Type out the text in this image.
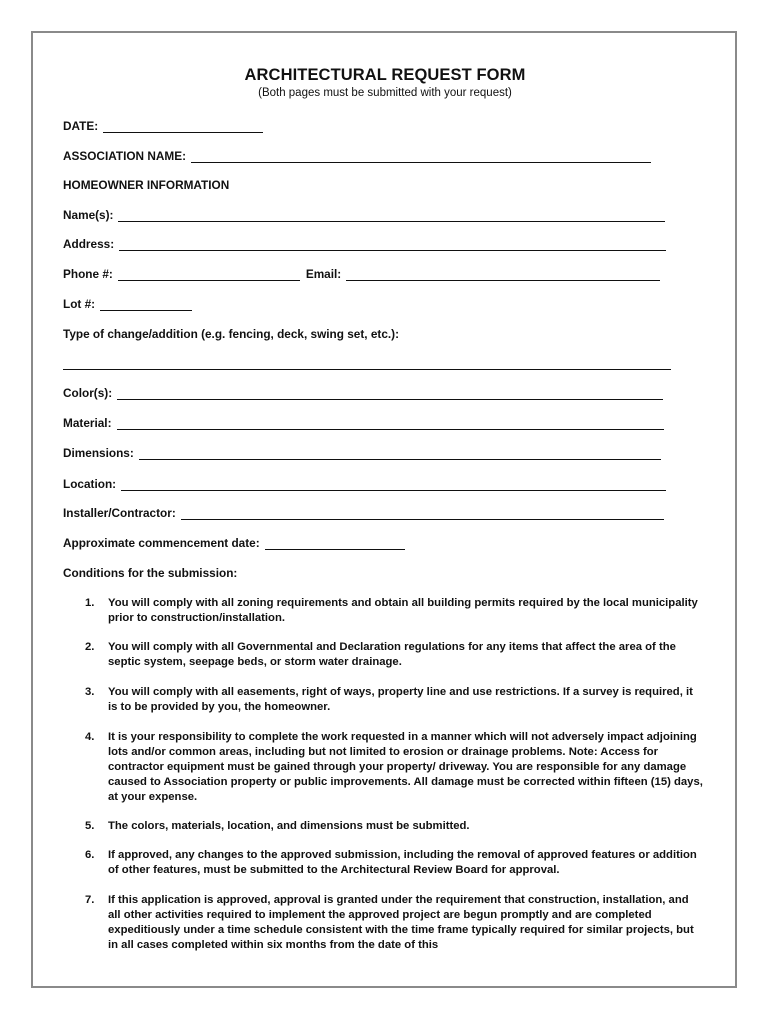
ARCHITECTURAL REQUEST FORM
(Both pages must be submitted with your request)
DATE:
ASSOCIATION NAME:
HOMEOWNER INFORMATION
Name(s):
Address:
Phone #:	Email:
Lot #:
Type of change/addition (e.g. fencing, deck, swing set, etc.):
Color(s):
Material:
Dimensions:
Location:
Installer/Contractor:
Approximate commencement date:
Conditions for the submission:
1. You will comply with all zoning requirements and obtain all building permits required by the local municipality prior to construction/installation.
2. You will comply with all Governmental and Declaration regulations for any items that affect the area of the septic system, seepage beds, or storm water drainage.
3. You will comply with all easements, right of ways, property line and use restrictions. If a survey is required, it is to be provided by you, the homeowner.
4. It is your responsibility to complete the work requested in a manner which will not adversely impact adjoining lots and/or common areas, including but not limited to erosion or drainage problems. Note: Access for contractor equipment must be gained through your property/ driveway. You are responsible for any damage caused to Association property or public improvements. All damage must be corrected within fifteen (15) days, at your expense.
5. The colors, materials, location, and dimensions must be submitted.
6. If approved, any changes to the approved submission, including the removal of approved features or addition of other features, must be submitted to the Architectural Review Board for approval.
7. If this application is approved, approval is granted under the requirement that construction, installation, and all other activities required to implement the approved project are begun promptly and are completed expeditiously under a time schedule consistent with the time frame typically required for similar projects, but in all cases completed within six months from the date of this
